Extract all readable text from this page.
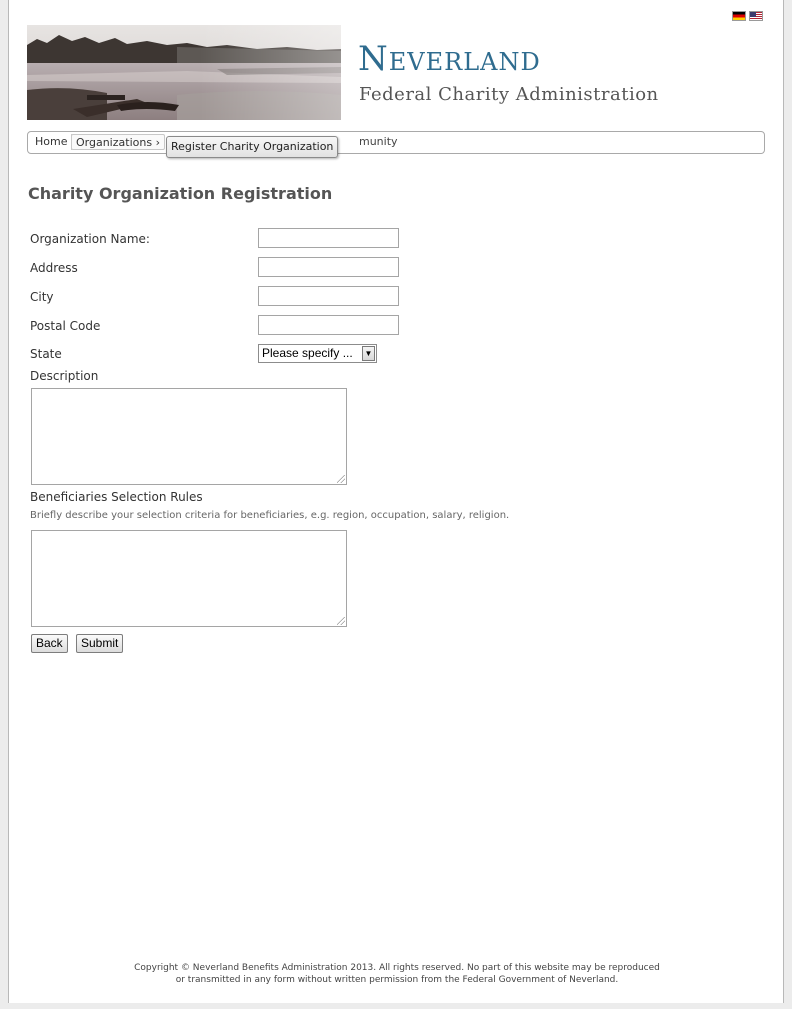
Neverland
Federal Charity Administration
Home Organizations ›	munity
Register Charity Organization
Charity Organization Registration
Organization Name:
Address
City
Postal Code
State	Please specify ...	▼
Description
Beneficiaries Selection Rules
Briefly describe your selection criteria for beneficiaries, e.g. region, occupation, salary, religion.
Back	Submit
Copyright © Neverland Benefits Administration 2013. All rights reserved. No part of this website may be reproduced
or transmitted in any form without written permission from the Federal Government of Neverland.
